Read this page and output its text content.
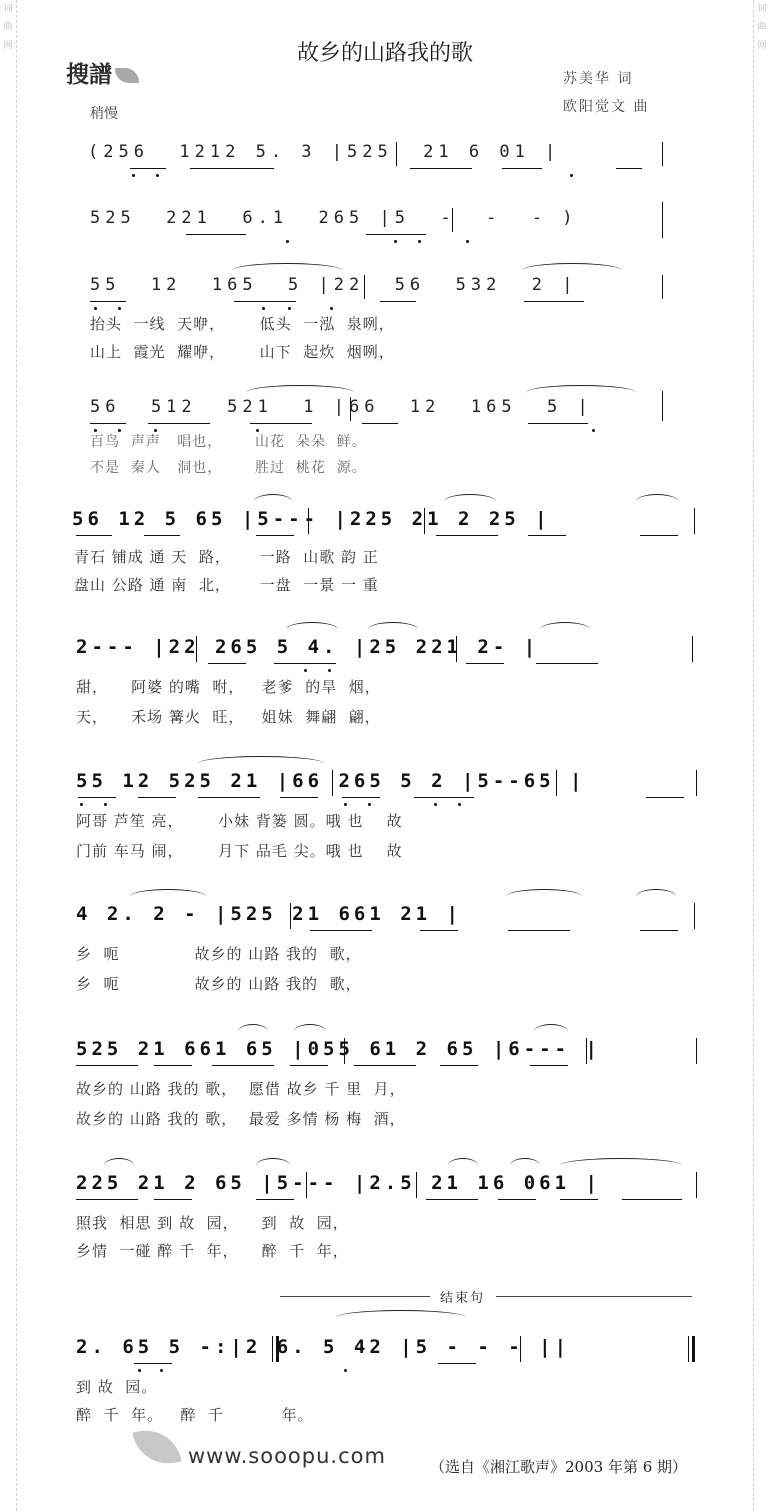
词
曲
网
词
曲
网
故乡的山路我的歌
搜譜	苏美华 词
欧阳觉文 曲
稍慢
(256  1212 5. 3 |525  21 6 01 |
525  221  6.1  265 |5  -  -  - )
55  12  165  5 |22  56  532  2 |
抬头  一线  天咿，      低头  一泓  泉咧，
山上  霞光  耀咿，      山下  起炊  烟咧，
56  512  521  1 |66  12  165  5 |
百鸟  声声   唱也，      山花  朵朵  鲜。
不是  秦人   洞也，      胜过  桃花  源。
56 12 5 65 |5--- |225 21 2 25 |
青石 铺成 通 天  路，     一路  山歌 韵 正
盘山 公路 通 南  北，     一盘  一景 一 重
2--- |22 265 5 4. |25 221 2- |
甜，    阿婆 的嘴  咐，   老爹  的旱  烟，
天，    禾场 篝火  旺，   姐妹  舞翩  翩，
55 12 525 21 |66 265 5 2 |5--65 |
阿哥 芦笙 亮，      小妹 背篓 圆。哦 也    故
门前 车马 闹，      月下 品毛 尖。哦 也    故
4 2. 2 - |525 21 661 21 |
乡  呃             故乡的 山路 我的  歌，
乡  呃             故乡的 山路 我的  歌，
525 21 661 65 |055 61 2 65 |6--- |
故乡的 山路 我的 歌，  愿借 故乡 千 里  月，
故乡的 山路 我的 歌，  最爱 多情 杨 梅  酒，
225 21 2 65 |5--- |2.5 21 16 061 |
照我  相思 到 故  园，    到  故  园，
乡情  一碰 醉 千  年，    醉  千  年，
结束句
2. 65 5 -:|2 6. 5 42 |5 - - - ||
到 故  园。
醉  千  年。   醉  千          年。
www.sooopu.com	（选自《湘江歌声》2003 年第 6 期）
